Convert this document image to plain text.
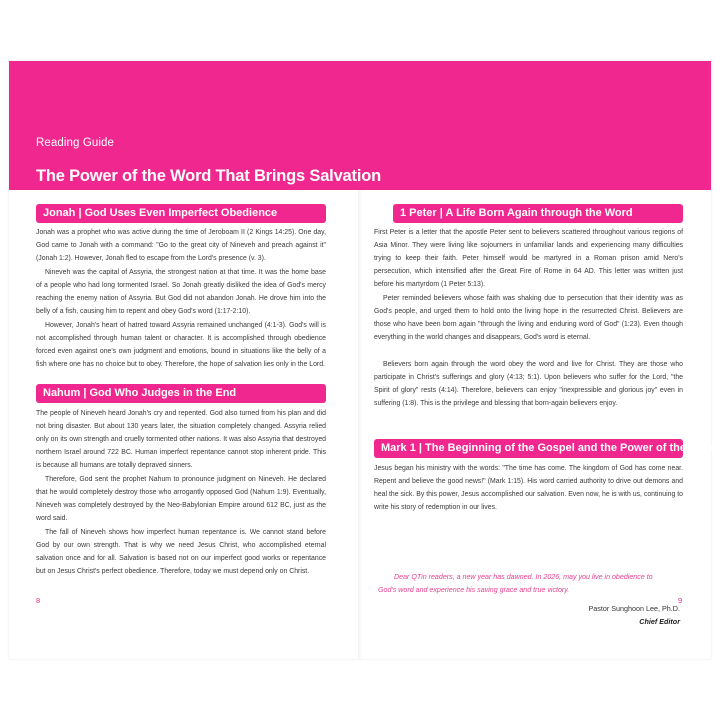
Reading Guide
The Power of the Word That Brings Salvation
Jonah | God Uses Even Imperfect Obedience

Jonah was a prophet who was active during the time of Jeroboam II (2 Kings 14:25). One day, God came to Jonah with a command: "Go to the great city of Nineveh and preach against it" (Jonah 1:2). However, Jonah fled to escape from the Lord's presence (v. 3).

Nineveh was the capital of Assyria, the strongest nation at that time. It was the home base of a people who had long tormented Israel. So Jonah greatly disliked the idea of God's mercy reaching the enemy nation of Assyria. But God did not abandon Jonah. He drove him into the belly of a fish, causing him to repent and obey God's word (1:17-2:10).

However, Jonah's heart of hatred toward Assyria remained unchanged (4:1-3). God's will is not accomplished through human talent or character. It is accomplished through obedience forced even against one's own judgment and emotions, bound in situations like the belly of a fish where one has no choice but to obey. Therefore, the hope of salvation lies only in the Lord.

Nahum | God Who Judges in the End

The people of Nineveh heard Jonah's cry and repented. God also turned from his plan and did not bring disaster. But about 130 years later, the situation completely changed. Assyria relied only on its own strength and cruelly tormented other nations. It was also Assyria that destroyed northern Israel around 722 BC. Human imperfect repentance cannot stop inherent pride. This is because all humans are totally depraved sinners.

Therefore, God sent the prophet Nahum to pronounce judgment on Nineveh. He declared that he would completely destroy those who arrogantly opposed God (Nahum 1:9). Eventually, Nineveh was completely destroyed by the Neo-Babylonian Empire around 612 BC, just as the word said.

The fall of Nineveh shows how imperfect human repentance is. We cannot stand before God by our own strength. That is why we need Jesus Christ, who accomplished eternal salvation once and for all. Salvation is based not on our imperfect good works or repentance but on Jesus Christ's perfect obedience. Therefore, today we must depend only on Christ.

8
1 Peter | A Life Born Again through the Word

First Peter is a letter that the apostle Peter sent to believers scattered throughout various regions of Asia Minor. They were living like sojourners in unfamiliar lands and experiencing many difficulties trying to keep their faith. Peter himself would be martyred in a Roman prison amid Nero's persecution, which intensified after the Great Fire of Rome in 64 AD. This letter was written just before his martyrdom (1 Peter 5:13).

Peter reminded believers whose faith was shaking due to persecution that their identity was as God's people, and urged them to hold onto the living hope in the resurrected Christ. Believers are those who have been born again "through the living and enduring word of God" (1:23). Even though everything in the world changes and disappears, God's word is eternal.

Believers born again through the word obey the word and live for Christ. They are those who participate in Christ's sufferings and glory (4:13; 5:1). Upon believers who suffer for the Lord, "the Spirit of glory" rests (4:14). Therefore, believers can enjoy "inexpressible and glorious joy" even in suffering (1:8). This is the privilege and blessing that born-again believers enjoy.

Mark 1 | The Beginning of the Gospel and the Power of the Word

Jesus began his ministry with the words: "The time has come. The kingdom of God has come near. Repent and believe the good news!" (Mark 1:15). His word carried authority to drive out demons and heal the sick. By this power, Jesus accomplished our salvation. Even now, he is with us, continuing to write his story of redemption in our lives.

Dear QTin readers, a new year has dawned. In 2026, may you live in obedience to God's word and experience his saving grace and true victory.

Pastor Sunghoon Lee, Ph.D.
Chief Editor
9
